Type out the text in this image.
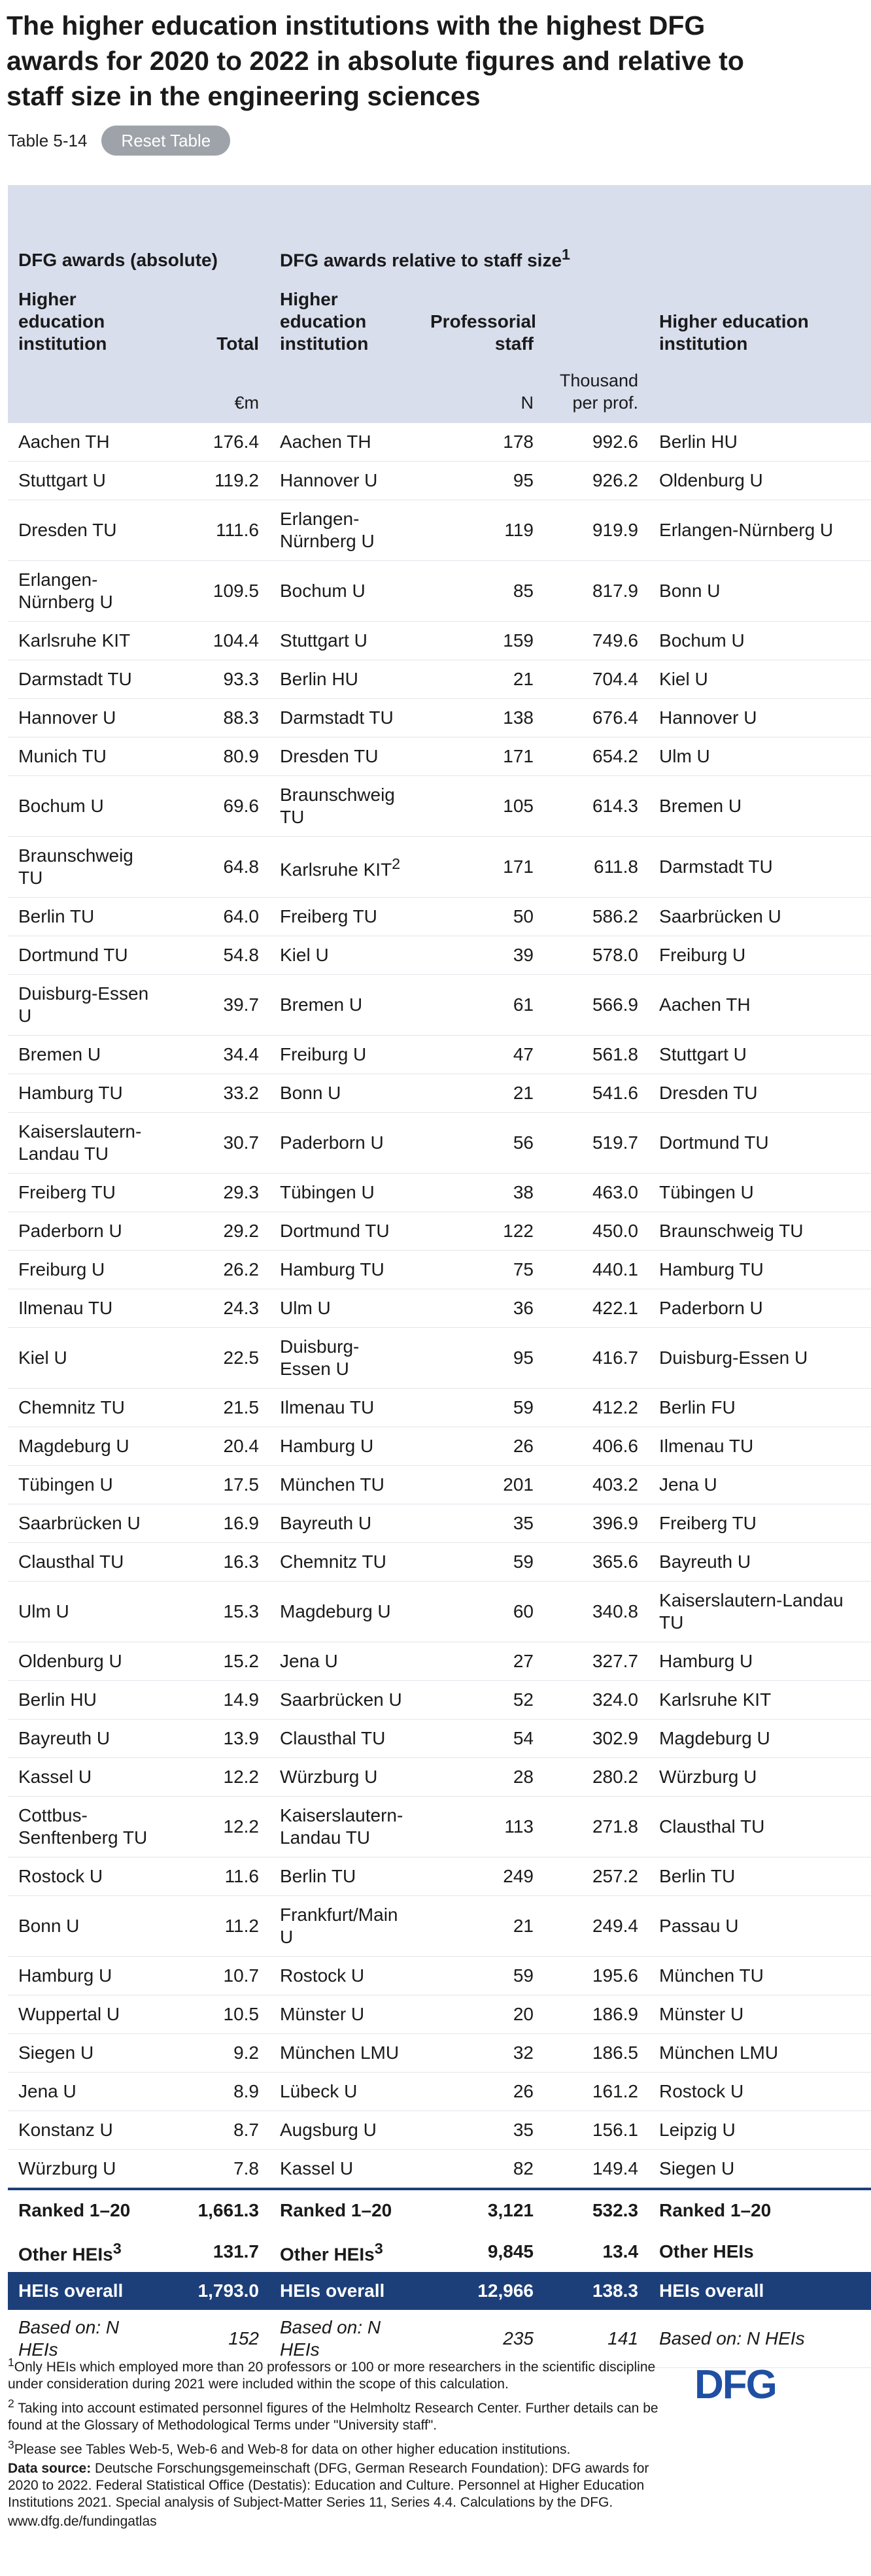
The higher education institutions with the highest DFG awards for 2020 to 2022 in absolute figures and relative to staff size in the engineering sciences
Table 5-14	Reset Table
DFG awards (absolute)		DFG awards relative to staff size$^1$	
Higher education institution	Total	Higher education institution	Professorial staff		Higher education institution
	€m		N	Thousand per prof.	
Aachen TH	176.4	Aachen TH	178	992.6	Berlin HU
Stuttgart U	119.2	Hannover U	95	926.2	Oldenburg U
Dresden TU	111.6	Erlangen-Nürnberg U	119	919.9	Erlangen-Nürnberg U
Erlangen-Nürnberg U	109.5	Bochum U	85	817.9	Bonn U
Karlsruhe KIT	104.4	Stuttgart U	159	749.6	Bochum U
Darmstadt TU	93.3	Berlin HU	21	704.4	Kiel U
Hannover U	88.3	Darmstadt TU	138	676.4	Hannover U
Munich TU	80.9	Dresden TU	171	654.2	Ulm U
Bochum U	69.6	Braunschweig TU	105	614.3	Bremen U
Braunschweig TU	64.8	Karlsruhe KIT$^2$	171	611.8	Darmstadt TU
Berlin TU	64.0	Freiberg TU	50	586.2	Saarbrücken U
Dortmund TU	54.8	Kiel U	39	578.0	Freiburg U
Duisburg-Essen U	39.7	Bremen U	61	566.9	Aachen TH
Bremen U	34.4	Freiburg U	47	561.8	Stuttgart U
Hamburg TU	33.2	Bonn U	21	541.6	Dresden TU
Kaiserslautern-Landau TU	30.7	Paderborn U	56	519.7	Dortmund TU
Freiberg TU	29.3	Tübingen U	38	463.0	Tübingen U
Paderborn U	29.2	Dortmund TU	122	450.0	Braunschweig TU
Freiburg U	26.2	Hamburg TU	75	440.1	Hamburg TU
Ilmenau TU	24.3	Ulm U	36	422.1	Paderborn U
Kiel U	22.5	Duisburg-Essen U	95	416.7	Duisburg-Essen U
Chemnitz TU	21.5	Ilmenau TU	59	412.2	Berlin FU
Magdeburg U	20.4	Hamburg U	26	406.6	Ilmenau TU
Tübingen U	17.5	München TU	201	403.2	Jena U
Saarbrücken U	16.9	Bayreuth U	35	396.9	Freiberg TU
Clausthal TU	16.3	Chemnitz TU	59	365.6	Bayreuth U
Ulm U	15.3	Magdeburg U	60	340.8	Kaiserslautern-Landau TU
Oldenburg U	15.2	Jena U	27	327.7	Hamburg U
Berlin HU	14.9	Saarbrücken U	52	324.0	Karlsruhe KIT
Bayreuth U	13.9	Clausthal TU	54	302.9	Magdeburg U
Kassel U	12.2	Würzburg U	28	280.2	Würzburg U
Cottbus-Senftenberg TU	12.2	Kaiserslautern-Landau TU	113	271.8	Clausthal TU
Rostock U	11.6	Berlin TU	249	257.2	Berlin TU
Bonn U	11.2	Frankfurt/Main U	21	249.4	Passau U
Hamburg U	10.7	Rostock U	59	195.6	München TU
Wuppertal U	10.5	Münster U	20	186.9	Münster U
Siegen U	9.2	München LMU	32	186.5	München LMU
Jena U	8.9	Lübeck U	26	161.2	Rostock U
Konstanz U	8.7	Augsburg U	35	156.1	Leipzig U
Würzburg U	7.8	Kassel U	82	149.4	Siegen U
Ranked 1–20	1,661.3	Ranked 1–20	3,121	532.3	Ranked 1–20
Other HEIs$^3$	131.7	Other HEIs$^3$	9,845	13.4	Other HEIs
HEIs overall	1,793.0	HEIs overall	12,966	138.3	HEIs overall
Based on: N HEIs	152	Based on: N HEIs	235	141	Based on: N HEIs

$^1$Only HEIs which employed more than 20 professors or 100 or more researchers in the scientific discipline under consideration during 2021 were included within the scope of this calculation.

$^2$ Taking into account estimated personnel figures of the Helmholtz Research Center. Further details can be found at the Glossary of Methodological Terms under "University staff".

$^3$Please see Tables Web-5, Web-6 and Web-8 for data on other higher education institutions.

Data source: Deutsche Forschungsgemeinschaft (DFG, German Research Foundation): DFG awards for 2020 to 2022. Federal Statistical Office (Destatis): Education and Culture. Personnel at Higher Education Institutions 2021. Special analysis of Subject-Matter Series 11, Series 4.4. Calculations by the DFG.

www.dfg.de/fundingatlas

DFG
